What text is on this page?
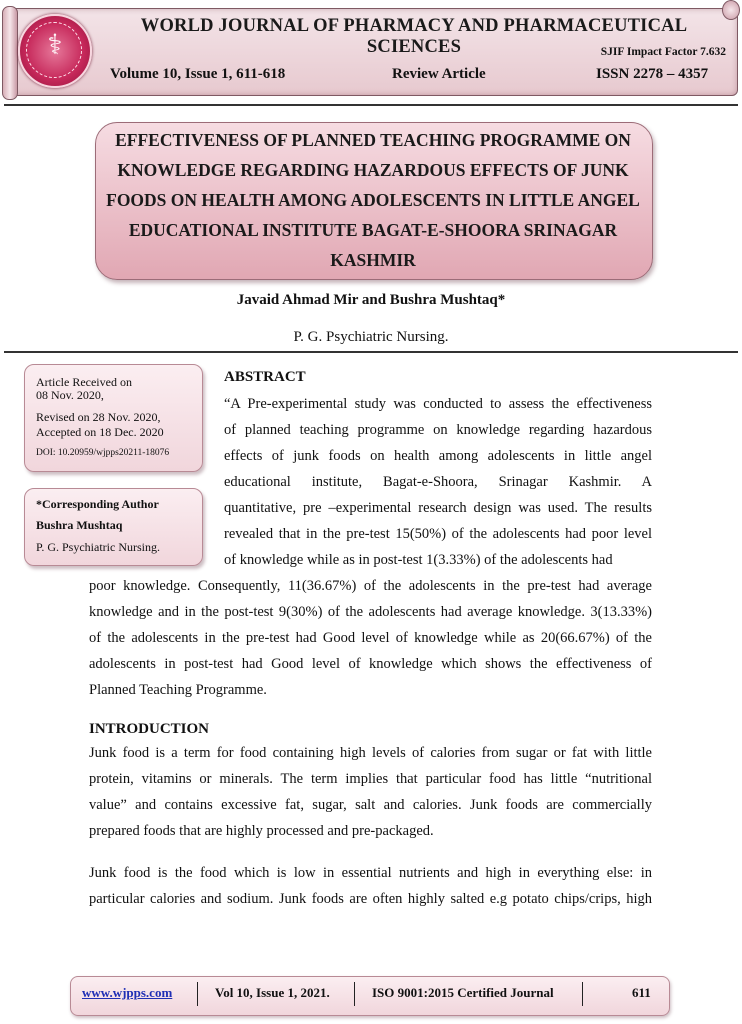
⚕
WORLD JOURNAL OF PHARMACY AND PHARMACEUTICAL SCIENCES	SJIF Impact Factor 7.632
Volume 10, Issue 1, 611-618	Review Article	ISSN 2278 – 4357
EFFECTIVENESS OF PLANNED TEACHING PROGRAMME ON
KNOWLEDGE REGARDING HAZARDOUS EFFECTS OF JUNK
FOODS ON HEALTH AMONG ADOLESCENTS IN LITTLE ANGEL
EDUCATIONAL INSTITUTE BAGAT-E-SHOORA SRINAGAR
KASHMIR
Javaid Ahmad Mir and Bushra Mushtaq*
P. G. Psychiatric Nursing.
Article Received on
08 Nov. 2020,
Revised on 28 Nov. 2020,
Accepted on 18 Dec. 2020
DOI: 10.20959/wjpps20211-18076
*Corresponding Author
Bushra Mushtaq
P. G. Psychiatric Nursing.
ABSTRACT
“A Pre-experimental study was conducted to assess the effectiveness
of planned teaching programme on knowledge regarding hazardous
effects of junk foods on health among adolescents in little angel
educational institute, Bagat-e-Shoora, Srinagar Kashmir. A
quantitative, pre –experimental research design was used. The results
revealed that in the pre-test 15(50%) of the adolescents had poor level
of knowledge while as in post-test 1(3.33%) of the adolescents had
poor knowledge. Consequently, 11(36.67%) of the adolescents in the pre-test had average
knowledge and in the post-test 9(30%) of the adolescents had average knowledge. 3(13.33%)
of the adolescents in the pre-test had Good level of knowledge while as 20(66.67%) of the
adolescents in post-test had Good level of knowledge which shows the effectiveness of
Planned Teaching Programme.
INTRODUCTION
Junk food is a term for food containing high levels of calories from sugar or fat with little
protein, vitamins or minerals. The term implies that particular food has little “nutritional
value” and contains excessive fat, sugar, salt and calories. Junk foods are commercially
prepared foods that are highly processed and pre-packaged.
Junk food is the food which is low in essential nutrients and high in everything else: in
particular calories and sodium. Junk foods are often highly salted e.g potato chips/crips, high
www.wjpps.com	Vol 10, Issue 1, 2021.	ISO 9001:2015 Certified Journal	611
